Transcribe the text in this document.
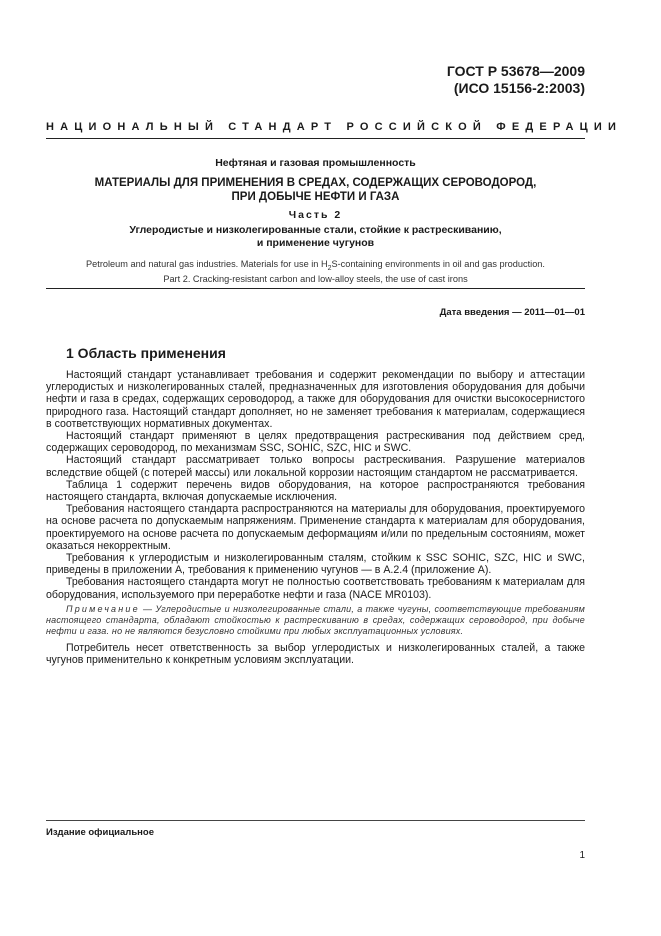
ГОСТ Р 53678—2009
(ИСО 15156-2:2003)
НАЦИОНАЛЬНЫЙ СТАНДАРТ РОССИЙСКОЙ ФЕДЕРАЦИИ
Нефтяная и газовая промышленность
МАТЕРИАЛЫ ДЛЯ ПРИМЕНЕНИЯ В СРЕДАХ, СОДЕРЖАЩИХ СЕРОВОДОРОД,
ПРИ ДОБЫЧЕ НЕФТИ И ГАЗА
Часть 2
Углеродистые и низколегированные стали, стойкие к растрескиванию,
и применение чугунов
Petroleum and natural gas industries. Materials for use in $H_2S$-containing environments in oil and gas production.
Part 2. Cracking-resistant carbon and low-alloy steels, the use of cast irons
Дата введения — 2011—01—01
1 Область применения

Настоящий стандарт устанавливает требования и содержит рекомендации по выбору и аттестации углеродистых и низколегированных сталей, предназначенных для изготовления оборудования для добычи нефти и газа в средах, содержащих сероводород, а также для оборудования для очистки высокосернистого природного газа. Настоящий стандарт дополняет, но не заменяет требования к материалам, содержащиеся в соответствующих нормативных документах.

Настоящий стандарт применяют в целях предотвращения растрескивания под действием сред, содержащих сероводород, по механизмам SSC, SOHIC, SZC, HIC и SWC.

Настоящий стандарт рассматривает только вопросы растрескивания. Разрушение материалов вследствие общей (с потерей массы) или локальной коррозии настоящим стандартом не рассматривается.

Таблица 1 содержит перечень видов оборудования, на которое распространяются требования настоящего стандарта, включая допускаемые исключения.

Требования настоящего стандарта распространяются на материалы для оборудования, проектируемого на основе расчета по допускаемым напряжениям. Применение стандарта к материалам для оборудования, проектируемого на основе расчета по допускаемым деформациям и/или по предельным состояниям, может оказаться некорректным.

Требования к углеродистым и низколегированным сталям, стойким к SSC SOHIC, SZC, HIC и SWC, приведены в приложении А, требования к применению чугунов — в А.2.4 (приложение А).

Требования настоящего стандарта могут не полностью соответствовать требованиям к материалам для оборудования, используемого при переработке нефти и газа (NACE MR0103).

Примечание — Углеродистые и низколегированные стали, а также чугуны, соответствующие требованиям настоящего стандарта, обладают стойкостью к растрескиванию в средах, содержащих сероводород, при добыче нефти и газа. но не являются безусловно стойкими при любых эксплуатационных условиях.

Потребитель несет ответственность за выбор углеродистых и низколегированных сталей, а также чугунов применительно к конкретным условиям эксплуатации.

Издание официальное
1
